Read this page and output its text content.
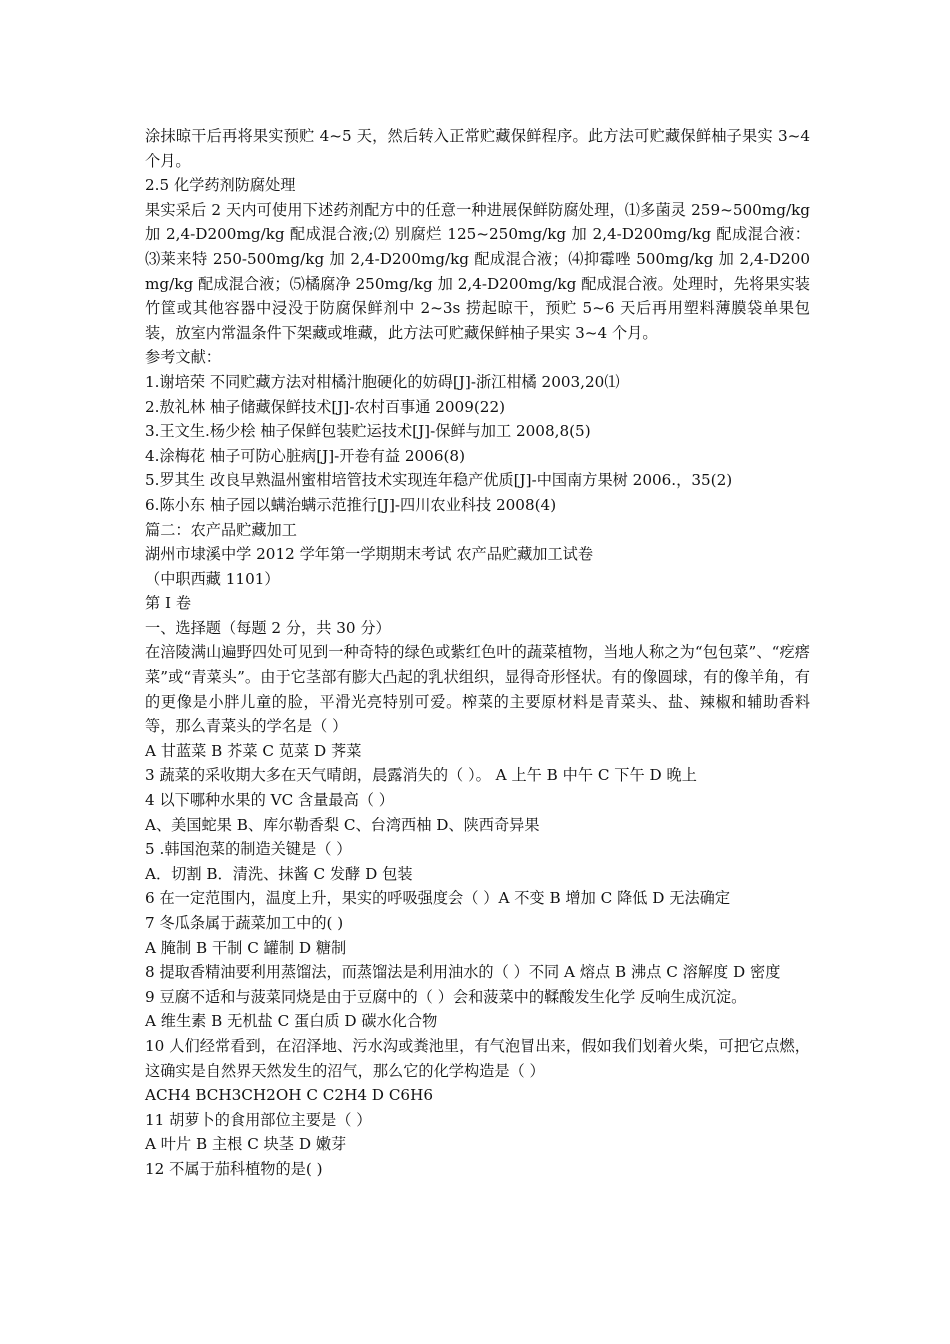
涂抹晾干后再将果实预贮 4~5 天，然后转入正常贮藏保鲜程序。此方法可贮藏保鲜柚子果实 3~4 个月。

2.5 化学药剂防腐处理

果实采后 2 天内可使用下述药剂配方中的任意一种进展保鲜防腐处理，⑴多菌灵 259~500mg/kg 加 2,4-D200mg/kg 配成混合液;⑵ 别腐烂 125~250mg/kg 加 2,4-D200mg/kg 配成混合液：⑶莱来特 250-500mg/kg 加 2,4-D200mg/kg 配成混合液；⑷抑霉唑 500mg/kg 加 2,4-D200mg/kg 配成混合液；⑸橘腐净 250mg/kg 加 2,4-D200mg/kg 配成混合液。处理时，先将果实装竹筐或其他容器中浸没于防腐保鲜剂中 2~3s 捞起晾干，预贮 5~6 天后再用塑料薄膜袋单果包装，放室内常温条件下架藏或堆藏，此方法可贮藏保鲜柚子果实 3~4 个月。

参考文献：

1.谢培荣 不同贮藏方法对柑橘汁胞硬化的妨碍[J]-浙江柑橘 2003,20⑴

2.敖礼林 柚子储藏保鲜技术[J]-农村百事通 2009(22)

3.王文生.杨少桧 柚子保鲜包装贮运技术[J]-保鲜与加工 2008,8(5)

4.涂梅花 柚子可防心脏病[J]-开卷有益 2006(8)

5.罗其生 改良早熟温州蜜柑培管技术实现连年稳产优质[J]-中国南方果树 2006.，35(2)

6.陈小东 柚子园以螨治螨示范推行[J]-四川农业科技 2008(4)

篇二：农产品贮藏加工

湖州市埭溪中学 2012 学年第一学期期末考试 农产品贮藏加工试卷

（中职西藏 1101）

第 I 卷

一、选择题（每题 2 分，共 30 分）

在涪陵满山遍野四处可见到一种奇特的绿色或紫红色叶的蔬菜植物，当地人称之为“包包菜”、“疙瘩菜”或“青菜头”。由于它茎部有膨大凸起的乳状组织，显得奇形怪状。有的像圆球，有的像羊角，有的更像是小胖儿童的脸，平滑光亮特别可爱。榨菜的主要原材料是青菜头、盐、辣椒和辅助香料等，那么青菜头的学名是（ ）

A 甘蓝菜 B 芥菜 C 苋菜 D 荠菜

3 蔬菜的采收期大多在天气晴朗，晨露消失的（ ）。 A 上午 B 中午 C 下午 D 晚上

4 以下哪种水果的 VC 含量最高（ ）

A、美国蛇果 B、库尔勒香梨 C、台湾西柚 D、陕西奇异果

5 .韩国泡菜的制造关键是（ ）

A．切割 B．清洗、抹酱 C 发酵 D 包装

6 在一定范围内，温度上升，果实的呼吸强度会（ ）A 不变 B 增加 C 降低 D 无法确定

7 冬瓜条属于蔬菜加工中的( )

A 腌制 B 干制 C 罐制 D 糖制

8 提取香精油要利用蒸馏法，而蒸馏法是利用油水的（ ）不同 A 熔点 B 沸点 C 溶解度 D 密度

9 豆腐不适和与菠菜同烧是由于豆腐中的（ ）会和菠菜中的鞣酸发生化学 反响生成沉淀。

A 维生素 B 无机盐 C 蛋白质 D 碳水化合物

10 人们经常看到，在沼泽地、污水沟或粪池里，有气泡冒出来，假如我们划着火柴，可把它点燃，这确实是自然界天然发生的沼气，那么它的化学构造是（ ）

ACH4 BCH3CH2OH C C2H4 D C6H6

11 胡萝卜的食用部位主要是（ ）

A 叶片 B 主根 C 块茎 D 嫩芽

12 不属于茄科植物的是( )
